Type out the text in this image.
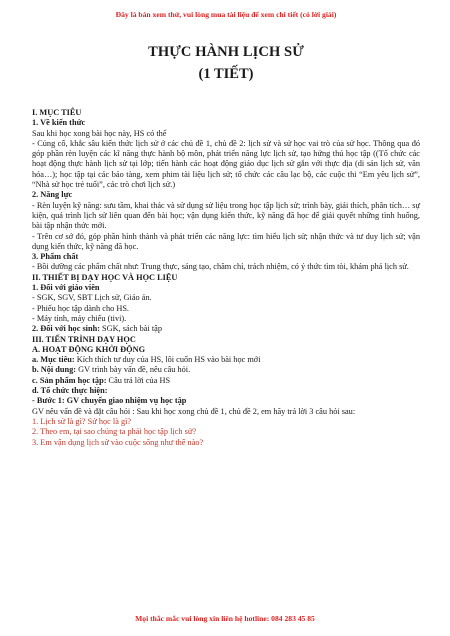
Đây là bản xem thử, vui lòng mua tài liệu để xem chi tiết (có lời giải)
THỰC HÀNH LỊCH SỬ
(1 TIẾT)

I. MỤC TIÊU

1. Về kiến thức

Sau khi học xong bài học này, HS có thể

- Củng cố, khắc sâu kiến thức lịch sử ở các chủ đề 1, chủ đề 2: lịch sử và sử học vai trò của sử học. Thông qua đó góp phần rèn luyện các kĩ năng thực hành bộ môn, phát triển năng lực lịch sử, tạo hứng thú học tập ((Tổ chức các hoạt động thực hành lịch sử tại lớp; tiến hành các hoạt động giáo dục lịch sử gắn với thực địa (di sản lịch sử, văn hóa…); học tập tại các bảo tàng, xem phim tài liệu lịch sử; tổ chức các câu lạc bộ, các cuộc thi “Em yêu lịch sử”, “Nhà sử học trẻ tuổi”, các trò chơi lịch sử.)

2. Năng lực

- Rèn luyện kỹ năng: sưu tầm, khai thác và sử dụng sử liệu trong học tập lịch sử; trình bày, giải thích, phân tích… sự kiện, quá trình lịch sử liên quan đến bài học; vận dụng kiến thức, kỹ năng đã học để giải quyết những tình huống, bài tập nhận thức mới.

- Trên cơ sở đó, góp phần hình thành và phát triển các năng lực: tìm hiểu lịch sử; nhận thức và tư duy lịch sử; vận dụng kiến thức, kỹ năng đã học.

3. Phẩm chất

- Bồi dưỡng các phẩm chất như: Trung thực, sáng tạo, chăm chỉ, trách nhiệm, có ý thức tìm tòi, khám phá lịch sử.

II. THIẾT BỊ DẠY HỌC VÀ HỌC LIỆU

1. Đối với giáo viên

- SGK, SGV, SBT Lịch sử, Giáo án.

- Phiếu học tập dành cho HS.

- Máy tính, máy chiếu (tivi).

2. Đối với học sinh: SGK, sách bài tập

III. TIẾN TRÌNH DẠY HỌC

A. HOẠT ĐỘNG KHỞI ĐỘNG

a. Mục tiêu: Kích thích tư duy của HS, lôi cuốn HS vào bài học mới

b. Nội dung: GV trình bày vấn đề, nêu câu hỏi.

c. Sản phẩm học tập: Câu trả lời của HS

d. Tổ chức thực hiện:

- Bước 1: GV chuyển giao nhiệm vụ học tập

GV nêu vấn đề và đặt câu hỏi : Sau khi học xong chủ đề 1, chủ đề 2, em hãy trả lời 3 câu hỏi sau:

1. Lịch sử là gì? Sử học là gì?

2. Theo em, tại sao chúng ta phải học tập lịch sử?

3. Em vận dụng lịch sử vào cuộc sống như thế nào?

Mọi thắc mắc vui lòng xin liên hệ hotline: 084 283 45 85
